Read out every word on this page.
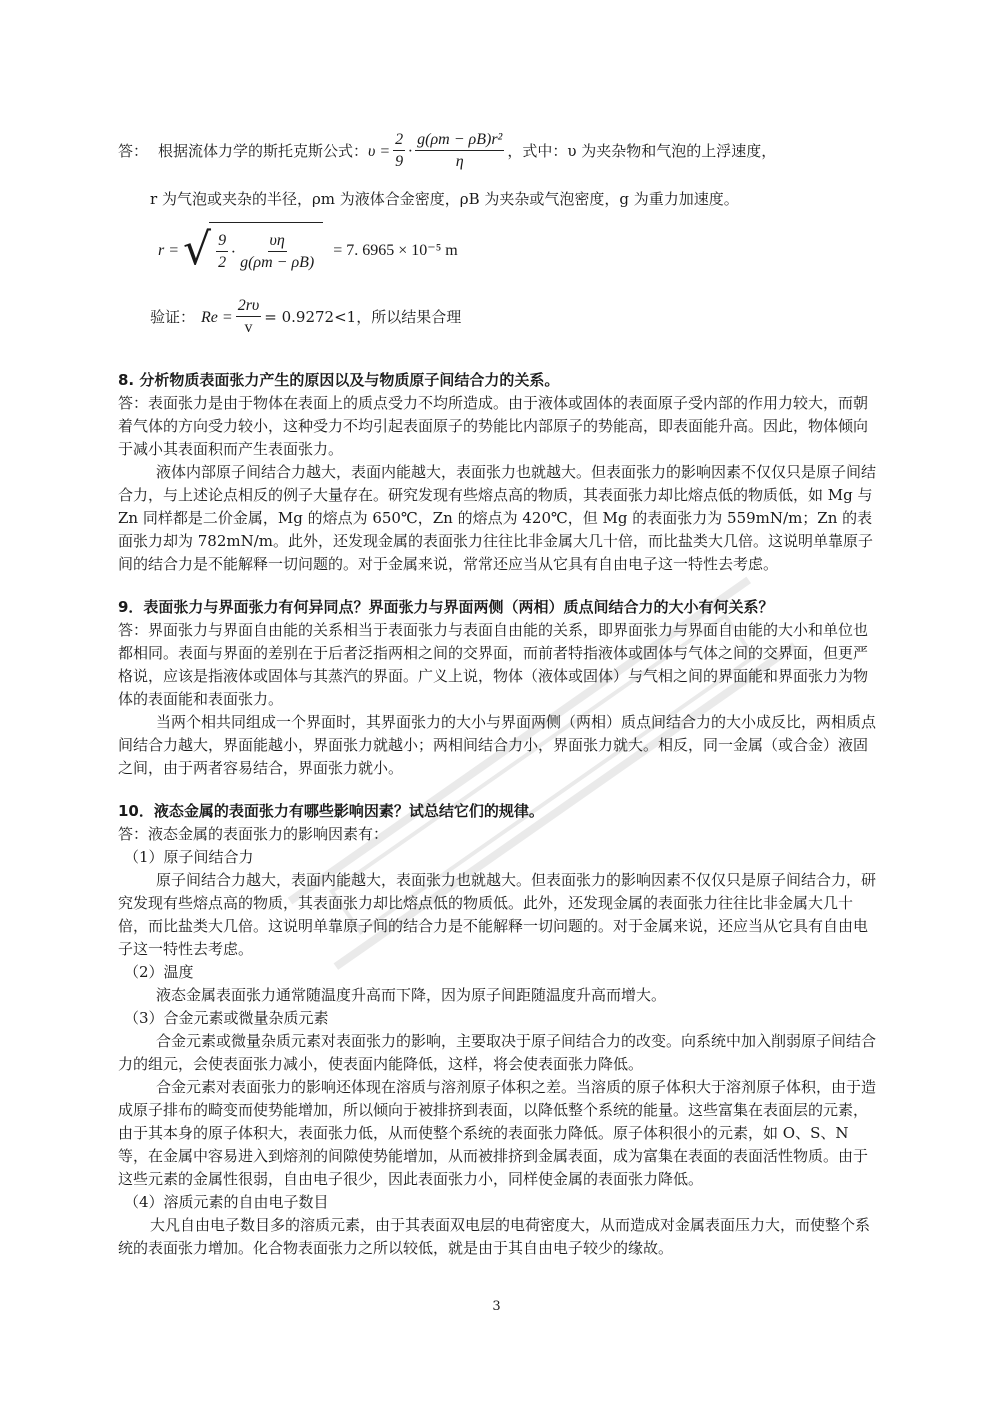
答： 根据流体力学的斯托克斯公式： $\upsilon = \frac{2}{9} \cdot \frac{\text{g(ρm − ρB)r²}}{\eta}$ ，式中：υ 为夹杂物和气泡的上浮速度，

r 为气泡或夹杂的半径，ρm 为液体合金密度，ρB 为夹杂或气泡密度，g 为重力加速度。

r = √ $\frac{9}{2} \cdot \frac{\upsilon\eta}{g(\rho m - \rho B)} = 7$. 6965 × 10⁻⁵ m
验证： $Re = \frac{2r\upsilon}{v} = 0.9272<1$，所以结果合理

8. 分析物质表面张力产生的原因以及与物质原子间结合力的关系。

答：表面张力是由于物体在表面上的质点受力不均所造成。由于液体或固体的表面原子受内部的作用力较大，而朝着气体的方向受力较小，这种受力不均引起表面原子的势能比内部原子的势能高，即表面能升高。因此，物体倾向于减小其表面积而产生表面张力。

液体内部原子间结合力越大，表面内能越大，表面张力也就越大。但表面张力的影响因素不仅仅只是原子间结合力，与上述论点相反的例子大量存在。研究发现有些熔点高的物质，其表面张力却比熔点低的物质低，如 Mg 与 Zn 同样都是二价金属，Mg 的熔点为 650℃，Zn 的熔点为 420℃，但 Mg 的表面张力为 559mN/m；Zn 的表面张力却为 782mN/m。此外，还发现金属的表面张力往往比非金属大几十倍，而比盐类大几倍。这说明单靠原子间的结合力是不能解释一切问题的。对于金属来说，常常还应当从它具有自由电子这一特性去考虑。

9．表面张力与界面张力有何异同点？界面张力与界面两侧（两相）质点间结合力的大小有何关系？

答：界面张力与界面自由能的关系相当于表面张力与表面自由能的关系，即界面张力与界面自由能的大小和单位也都相同。表面与界面的差别在于后者泛指两相之间的交界面，而前者特指液体或固体与气体之间的交界面，但更严格说，应该是指液体或固体与其蒸汽的界面。广义上说，物体（液体或固体）与气相之间的界面能和界面张力为物体的表面能和表面张力。

当两个相共同组成一个界面时，其界面张力的大小与界面两侧（两相）质点间结合力的大小成反比，两相质点间结合力越大，界面能越小，界面张力就越小；两相间结合力小，界面张力就大。相反，同一金属（或合金）液固之间，由于两者容易结合，界面张力就小。

10．液态金属的表面张力有哪些影响因素？试总结它们的规律。

答：液态金属的表面张力的影响因素有：

（1）原子间结合力

原子间结合力越大，表面内能越大，表面张力也就越大。但表面张力的影响因素不仅仅只是原子间结合力，研究发现有些熔点高的物质，其表面张力却比熔点低的物质低。此外，还发现金属的表面张力往往比非金属大几十倍，而比盐类大几倍。这说明单靠原子间的结合力是不能解释一切问题的。对于金属来说，还应当从它具有自由电子这一特性去考虑。

（2）温度

液态金属表面张力通常随温度升高而下降，因为原子间距随温度升高而增大。

（3）合金元素或微量杂质元素

合金元素或微量杂质元素对表面张力的影响，主要取决于原子间结合力的改变。向系统中加入削弱原子间结合力的组元，会使表面张力减小，使表面内能降低，这样，将会使表面张力降低。

合金元素对表面张力的影响还体现在溶质与溶剂原子体积之差。当溶质的原子体积大于溶剂原子体积，由于造成原子排布的畸变而使势能增加，所以倾向于被排挤到表面，以降低整个系统的能量。这些富集在表面层的元素，由于其本身的原子体积大，表面张力低，从而使整个系统的表面张力降低。原子体积很小的元素，如 O、S、N 等，在金属中容易进入到熔剂的间隙使势能增加，从而被排挤到金属表面，成为富集在表面的表面活性物质。由于这些元素的金属性很弱，自由电子很少，因此表面张力小，同样使金属的表面张力降低。

（4）溶质元素的自由电子数目

大凡自由电子数目多的溶质元素，由于其表面双电层的电荷密度大，从而造成对金属表面压力大，而使整个系统的表面张力增加。化合物表面张力之所以较低，就是由于其自由电子较少的缘故。

3
